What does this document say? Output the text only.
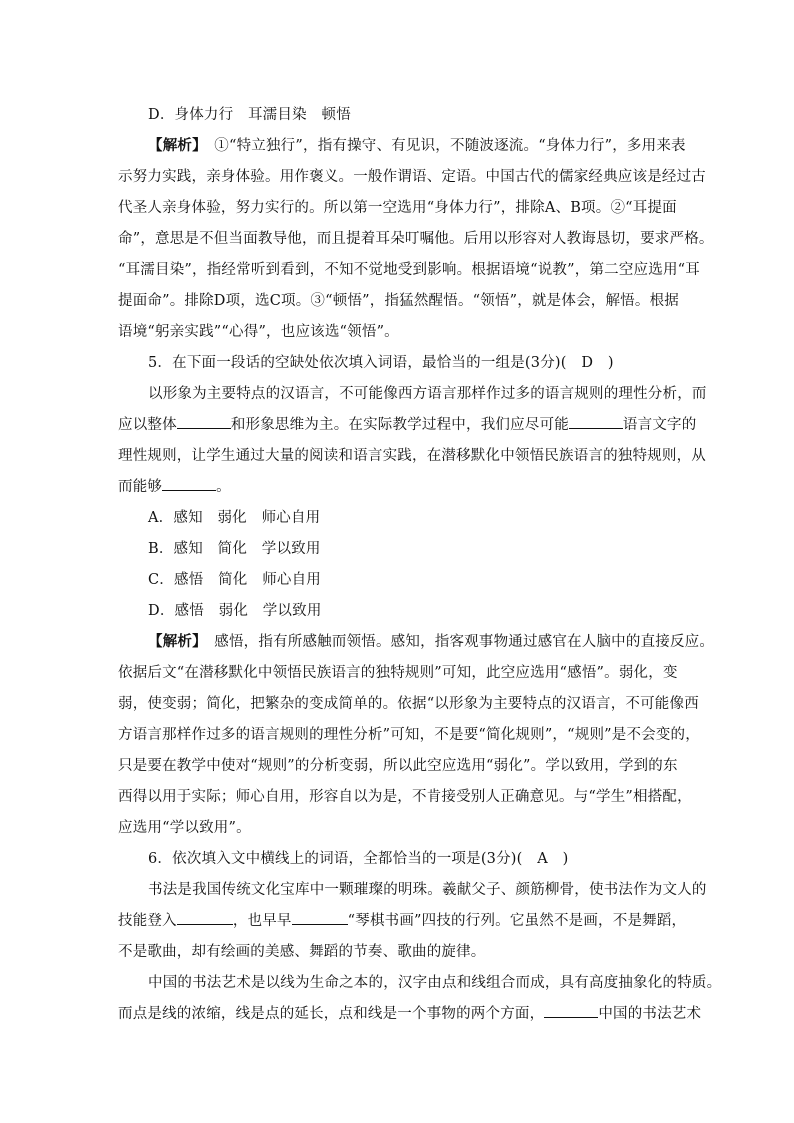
D．身体力行　耳濡目染　顿悟
【解析】　 ①“特立独行”，指有操守、有见识，不随波逐流。“身体力行”，多用来表
示努力实践，亲身体验。用作褒义。一般作谓语、定语。中国古代的儒家经典应该是经过古
代圣人亲身体验，努力实行的。所以第一空选用“身体力行”，排除A、B项。②“耳提面
命”，意思是不但当面教导他，而且提着耳朵叮嘱他。后用以形容对人教诲恳切，要求严格。
“耳濡目染”，指经常听到看到，不知不觉地受到影响。根据语境“说教”，第二空应选用“耳
提面命”。排除D项，选C项。③“顿悟”，指猛然醒悟。“领悟”，就是体会，解悟。根据
语境“躬亲实践”“心得”，也应该选“领悟”。
5．在下面一段话的空缺处依次填入词语，最恰当的一组是(3分)(　D　)
以形象为主要特点的汉语言，不可能像西方语言那样作过多的语言规则的理性分析，而
应以整体	和形象思维为主。在实际教学过程中，我们应尽可能	语言文字的
理性规则，让学生通过大量的阅读和语言实践，在潜移默化中领悟民族语言的独特规则，从
而能够	。
A．感知　弱化　师心自用
B．感知　简化　学以致用
C．感悟　简化　师心自用
D．感悟　弱化　学以致用
【解析】　 感悟，指有所感触而领悟。感知，指客观事物通过感官在人脑中的直接反应。
依据后文“在潜移默化中领悟民族语言的独特规则”可知，此空应选用“感悟”。弱化，变
弱，使变弱；简化，把繁杂的变成简单的。依据“以形象为主要特点的汉语言，不可能像西
方语言那样作过多的语言规则的理性分析”可知，不是要“简化规则”，“规则”是不会变的，
只是要在教学中使对“规则”的分析变弱，所以此空应选用“弱化”。学以致用，学到的东
西得以用于实际；师心自用，形容自以为是，不肯接受别人正确意见。与“学生”相搭配，
应选用“学以致用”。
6．依次填入文中横线上的词语，全都恰当的一项是(3分)(　A　)
书法是我国传统文化宝库中一颗璀璨的明珠。羲献父子、颜筋柳骨，使书法作为文人的
技能登入	，也早早	“琴棋书画”四技的行列。它虽然不是画，不是舞蹈，
不是歌曲，却有绘画的美感、舞蹈的节奏、歌曲的旋律。
中国的书法艺术是以线为生命之本的，汉字由点和线组合而成，具有高度抽象化的特质。
而点是线的浓缩，线是点的延长，点和线是一个事物的两个方面，	中国的书法艺术
